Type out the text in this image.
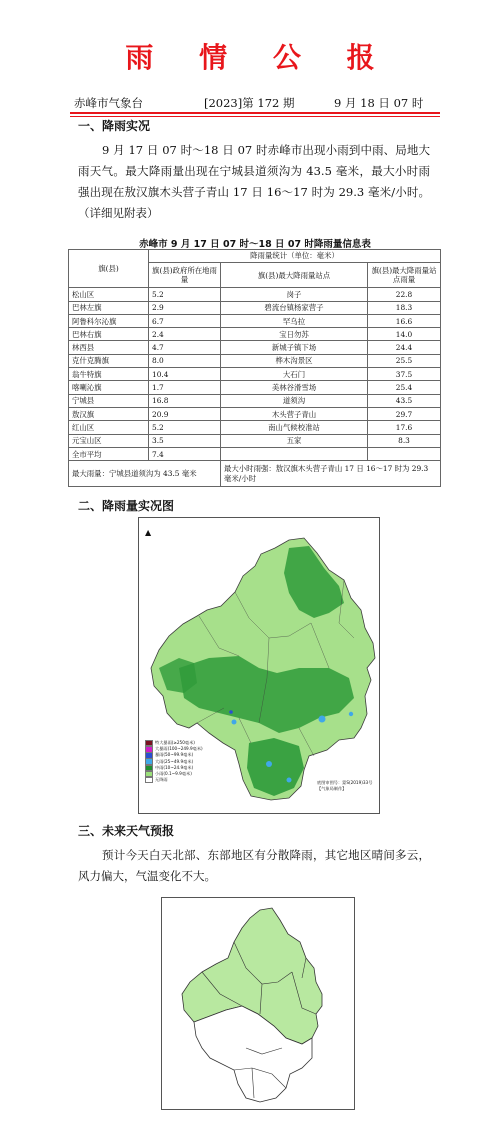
雨 情 公 报
赤峰市气象台	[2023]第 172 期	9 月 18 日 07 时
一、降雨实况

9 月 17 日 07 时～18 日 07 时赤峰市出现小雨到中雨、局地大雨天气。最大降雨量出现在宁城县道须沟为 43.5 毫米，最大小时雨强出现在敖汉旗木头营子青山 17 日 16～17 时为 29.3 毫米/小时。（详细见附表）

赤峰市 9 月 17 日 07 时～18 日 07 时降雨量信息表
旗(县)	降雨量统计（单位：毫米）		
	旗(县)政府所在地雨量	旗(县)最大降雨量站点	旗(县)最大降雨量站点雨量
松山区	5.2	岗子	22.8
巴林左旗	2.9	碧流台镇杨家营子	18.3
阿鲁科尔沁旗	6.7	罕乌拉	16.6
巴林右旗	2.4	宝日勿苏	14.0
林西县	4.7	新城子镇下场	24.4
克什克腾旗	8.0	桦木沟景区	25.5
翁牛特旗	10.4	大石门	37.5
喀喇沁旗	1.7	美林谷滑雪场	25.4
宁城县	16.8	道须沟	43.5
敖汉旗	20.9	木头营子青山	29.7
红山区	5.2	南山气候校准站	17.6
元宝山区	3.5	五家	8.3
全市平均	7.4		
最大雨量：宁城县道须沟为 43.5 毫米		最大小时雨强：敖汉旗木头营子青山 17 日 16～17 时为 29.3 毫米/小时	
二、降雨量实况图
▲
特大暴雨(≥250毫米)
大暴雨(100~249.9毫米)
暴雨(50~99.9毫米)
大雨(25~49.9毫米)
中雨(10~24.9毫米)
小雨(0.1~9.9毫米)
无降雨
底图审图号：蒙S(2019)33号
【气象局制作】
三、未来天气预报

预计今天白天北部、东部地区有分散降雨，其它地区晴间多云，风力偏大，气温变化不大。
